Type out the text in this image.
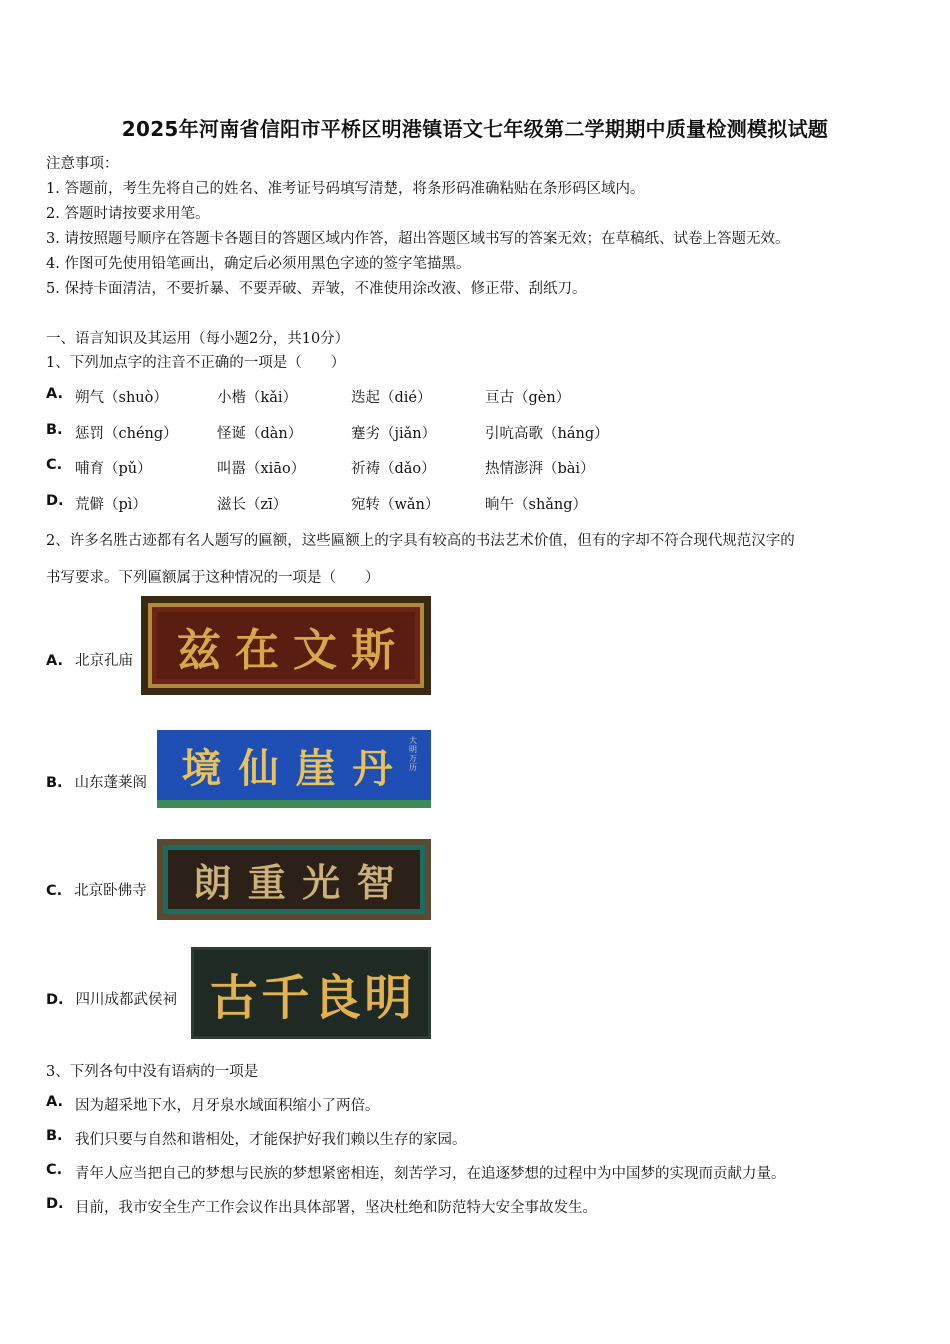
2025年河南省信阳市平桥区明港镇语文七年级第二学期期中质量检测模拟试题
注意事项：
1. 答题前，考生先将自己的姓名、准考证号码填写清楚，将条形码准确粘贴在条形码区域内。
2. 答题时请按要求用笔。
3. 请按照题号顺序在答题卡各题目的答题区域内作答，超出答题区域书写的答案无效；在草稿纸、试卷上答题无效。
4. 作图可先使用铅笔画出，确定后必须用黑色字迹的签字笔描黑。
5. 保持卡面清洁，不要折暴、不要弄破、弄皱，不准使用涂改液、修正带、刮纸刀。
一、语言知识及其运用（每小题2分，共10分）
1、下列加点字的注音不正确的一项是（　　）
A. 朔气（shuò）	小楷（kǎi）	迭起（dié）	亘古（gèn）
B. 惩罚（chéng）	怪诞（dàn）	蹇劣（jiǎn）	引吭高歌（háng）
C. 哺育（pǔ）	叫嚣（xiāo）	祈祷（dǎo）	热情澎湃（bài）
D. 荒僻（pì）	滋长（zī）	宛转（wǎn）	晌午（shǎng）
2、许多名胜古迹都有名人题写的匾额，这些匾额上的字具有较高的书法艺术价值，但有的字却不符合现代规范汉字的
书写要求。下列匾额属于这种情况的一项是（　　）
A. 北京孔庙 兹 在 文 斯
B. 山东蓬莱阁 境 仙 崖 丹
大明万历
C. 北京卧佛寺 朗 重 光 智
D. 四川成都武侯祠 古 千 良 明
3、下列各句中没有语病的一项是
A. 因为超采地下水，月牙泉水域面积缩小了两倍。
B. 我们只要与自然和谐相处，才能保护好我们赖以生存的家园。
C. 青年人应当把自己的梦想与民族的梦想紧密相连，刻苦学习，在追逐梦想的过程中为中国梦的实现而贡献力量。
D. 目前，我市安全生产工作会议作出具体部署，坚决杜绝和防范特大安全事故发生。
